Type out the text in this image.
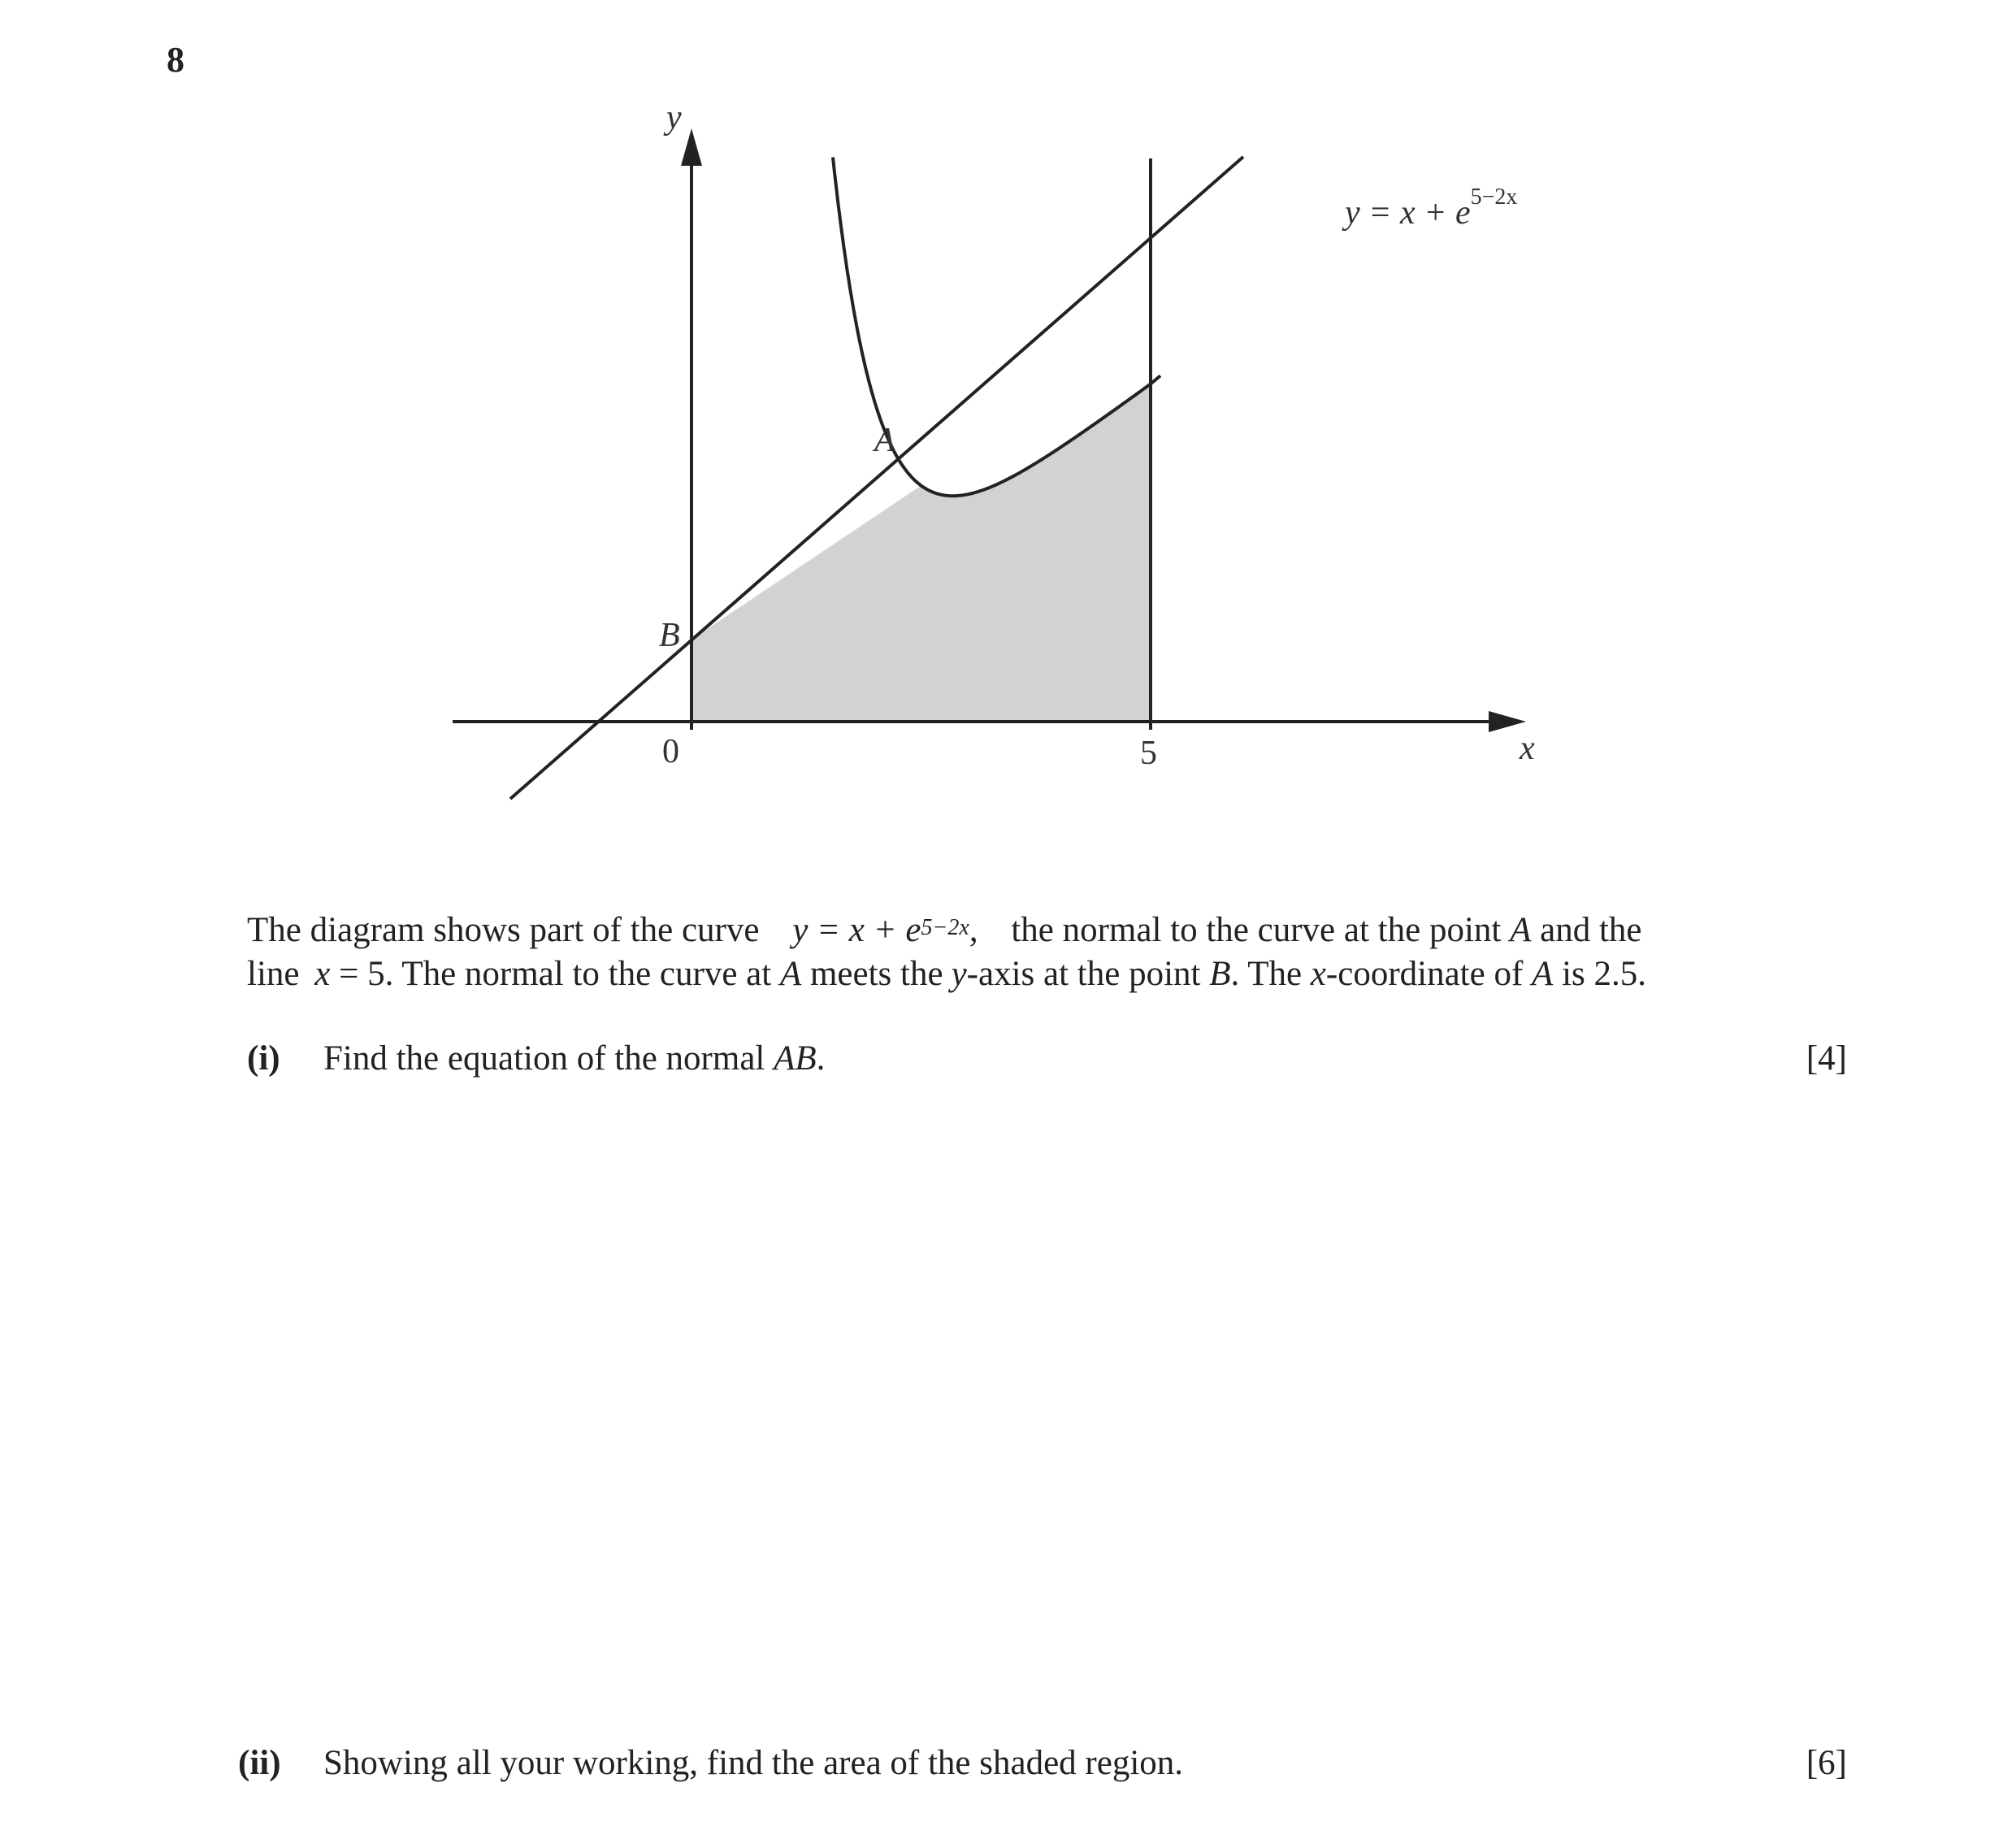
8
y
x
0	5
A
B
$y = x + e^{5-2x}$
The diagram shows part of the curve $y = x + e^{5-2x}$, the normal to the curve at the point A and the
line x = 5. The normal to the curve at A meets the y-axis at the point B. The x-coordinate of A is 2.5.
(i) Find the equation of the normal AB.	[4]
(ii) Showing all your working, find the area of the shaded region.	[6]
